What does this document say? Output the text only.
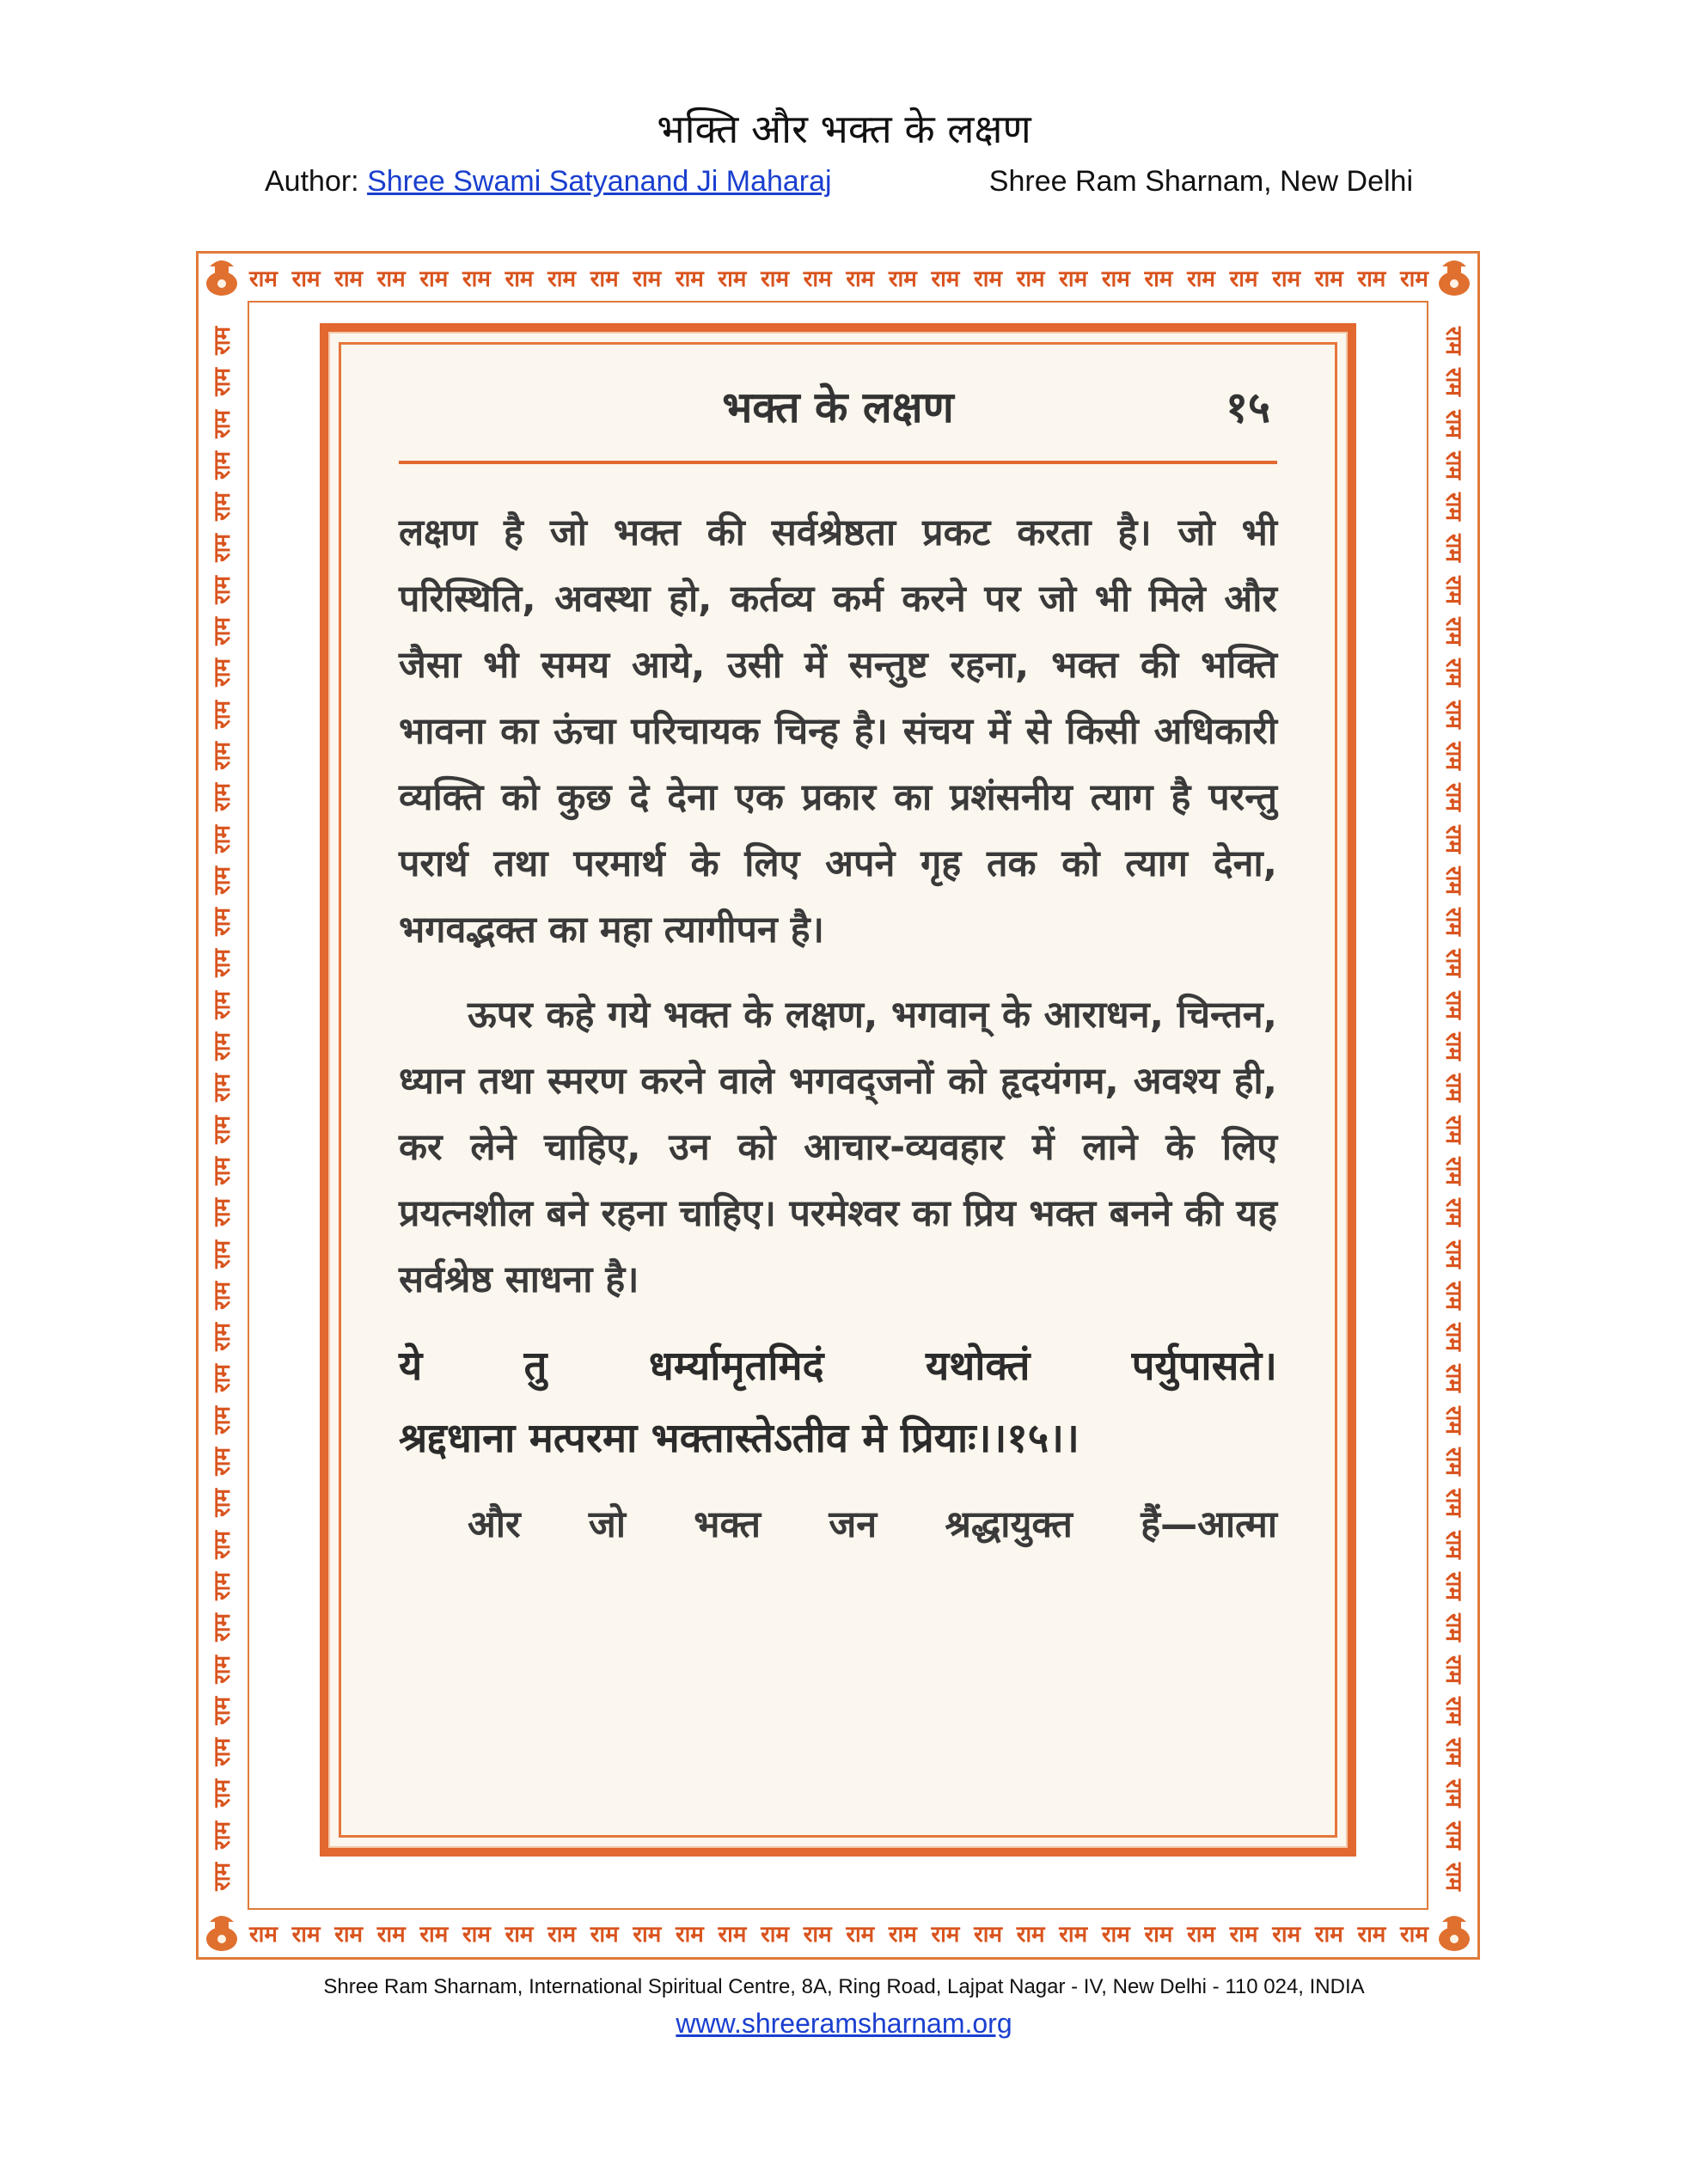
भक्ति और भक्त के लक्षण
Author: Shree Swami Satyanand Ji Maharaj	Shree Ram Sharnam, New Delhi
राम राम राम राम राम राम राम राम राम राम राम राम राम राम राम राम राम राम राम राम राम राम राम राम राम राम राम राम
राम राम राम राम राम राम राम राम राम राम राम राम राम राम राम राम राम राम राम राम राम राम राम राम राम राम राम राम
राम
राम
राम
राम
राम
राम
राम
राम
राम
राम
राम
राम
राम
राम
राम
राम
राम
राम
राम
राम
राम
राम
राम
राम
राम
राम
राम
राम
राम
राम
राम
राम
राम
राम
राम
राम
राम
राम
राम
राम
राम
राम
राम
राम
राम
राम
राम
राम
राम
राम
राम
राम
राम
राम
राम
राम
राम
राम
राम
राम
राम
राम
राम
राम
राम
राम
राम
राम
राम
राम
राम
राम
राम
राम
राम
राम
भक्त के लक्षण	१५

लक्षण है जो भक्त की सर्वश्रेष्ठता प्रकट करता है। जो भी परिस्थिति, अवस्था हो, कर्तव्य कर्म करने पर जो भी मिले और जैसा भी समय आये, उसी में सन्तुष्ट रहना, भक्त की भक्ति भावना का ऊंचा परिचायक चिन्ह है। संचय में से किसी अधिकारी व्यक्ति को कुछ दे देना एक प्रकार का प्रशंसनीय त्याग है परन्तु परार्थ तथा परमार्थ के लिए अपने गृह तक को त्याग देना, भगवद्भक्त का महा त्यागीपन है।

ऊपर कहे गये भक्त के लक्षण, भगवान् के आराधन, चिन्तन, ध्यान तथा स्मरण करने वाले भगवद्जनों को हृदयंगम, अवश्य ही, कर लेने चाहिए, उन को आचार-व्यवहार में लाने के लिए प्रयत्नशील बने रहना चाहिए। परमेश्वर का प्रिय भक्त बनने की यह सर्वश्रेष्ठ साधना है।

ये	तु	धर्म्यामृतमिदं	यथोक्तं	पर्युपासते।
श्रद्दधाना मत्परमा भक्तास्तेऽतीव मे प्रियाः।।१५।।

और जो भक्त जन श्रद्धायुक्त हैं—आत्मा

Shree Ram Sharnam, International Spiritual Centre, 8A, Ring Road, Lajpat Nagar - IV, New Delhi - 110 024, INDIA
www.shreeramsharnam.org
